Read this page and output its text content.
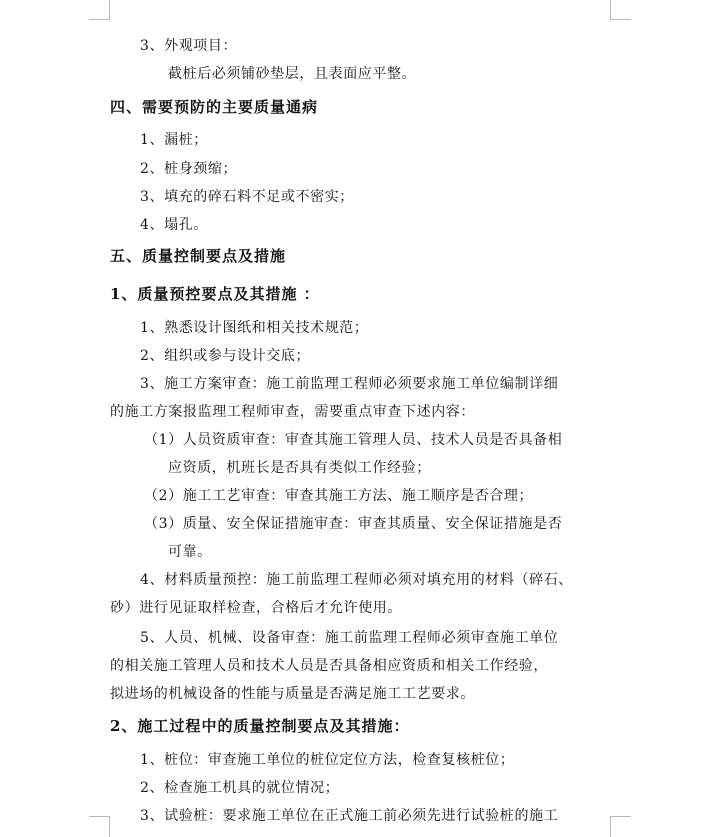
3、外观项目：
截桩后必须铺砂垫层，且表面应平整。
四、需要预防的主要质量通病
1、漏桩；
2、桩身颈缩；
3、填充的碎石料不足或不密实；
4、塌孔。
五、质量控制要点及措施
1、质量预控要点及其措施 ：
1、熟悉设计图纸和相关技术规范；
2、组织或参与设计交底；
3、施工方案审查：施工前监理工程师必须要求施工单位编制详细
的施工方案报监理工程师审查，需要重点审查下述内容：
（1）人员资质审查：审查其施工管理人员、技术人员是否具备相
应资质，机班长是否具有类似工作经验；
（2）施工工艺审查：审查其施工方法、施工顺序是否合理；
（3）质量、安全保证措施审查：审查其质量、安全保证措施是否
可靠。
4、材料质量预控：施工前监理工程师必须对填充用的材料（碎石、
砂）进行见证取样检查，合格后才允许使用。
5、人员、机械、设备审查：施工前监理工程师必须审查施工单位
的相关施工管理人员和技术人员是否具备相应资质和相关工作经验，
拟进场的机械设备的性能与质量是否满足施工工艺要求。
2、施工过程中的质量控制要点及其措施：
1、桩位：审查施工单位的桩位定位方法，检查复核桩位；
2、检查施工机具的就位情况；
3、试验桩：要求施工单位在正式施工前必须先进行试验桩的施工
